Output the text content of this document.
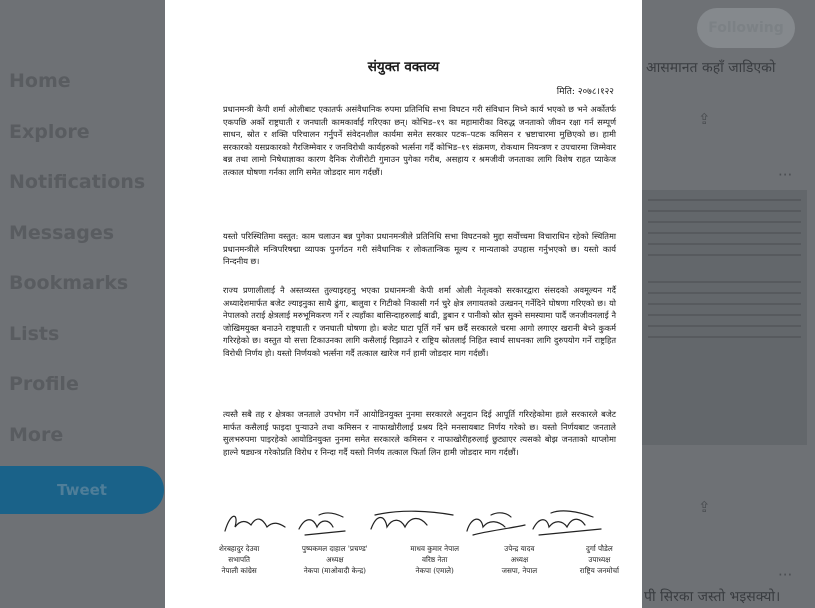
Home
Explore
Notifications
Messages
Bookmarks
Lists
Profile
More
Tweet
Following
आसमानत कहाँ जाडिएको
⇪
···
⇪
···
पी सिरका जस्तो भइसक्यो।
संयुक्त वक्तव्य
मिति: २०७८।१२२
प्रधानमन्त्री केपी शर्मा ओलीबाट एकातर्फ असंवैधानिक रुपमा प्रतिनिधि सभा विघटन गरी संविधान मिच्ने कार्य भएको छ भने अर्कोतर्फ एकपछि अर्को राष्ट्रघाती र जनघाती कामकार्वाई गरिएका छन्। कोभिड–१९ का महामारीका विरुद्ध जनताको जीवन रक्षा गर्न सम्पूर्ण साधन, स्रोत र शक्ति परिचालन गर्नुपर्ने संवेदनशील कार्यमा समेत सरकार पटक–पटक कमिसन र भ्रष्टाचारमा मुछिएको छ। हामी सरकारको यसप्रकारको गैरजिम्मेवार र जनविरोधी कार्यहरुको भर्त्सना गर्दै कोभिड–१९ संक्रमण, रोकथाम नियन्त्रण र उपचारमा जिम्मेवार बन्न तथा लामो निषेधाज्ञाका कारण दैनिक रोजीरोटी गुमाउन पुगेका गरीब, असहाय र श्रमजीवी जनताका लागि विशेष राहत प्याकेज तत्काल घोषणा गर्नका लागि समेत जोडदार माग गर्दछौं।
यस्तो परिस्थितिमा वस्तुत: काम चलाउन बन्न पुगेका प्रधानमन्त्रीले प्रतिनिधि सभा विघटनको मुद्दा सर्वोच्चमा विचाराधिन रहेको स्थितिमा प्रधानमन्त्रीले मन्त्रिपरिषद्मा व्यापक पुनर्गठन गरी संवैधानिक र लोकतान्त्रिक मूल्य र मान्यताको उपहास गर्नुभएको छ। यस्तो कार्य निन्दनीय छ।
राज्य प्रणालीलाई नै अस्तव्यस्त तुल्याइरहनु भएका प्रधानमन्त्री केपी शर्मा ओली नेतृत्वको सरकारद्वारा संसदको अवमूल्यन गर्दै अध्यादेशमार्फत बजेट ल्याइनुका साथै ढुंगा, बालुवा र गिटीको निकासी गर्न चुरे क्षेत्र लगायतको उत्खनन् गर्नेदिने घोषणा गरिएको छ। यो नेपालको तराई क्षेत्रलाई मरुभूमिकरण गर्ने र त्यहाँका बासिन्दाहरुलाई बाढी, डुबान र पानीको स्रोत सुक्ने समस्यामा पार्दै जनजीवनलाई नै जोखिमयुक्त बनाउने राष्ट्रघाती र जनघाती घोषणा हो। बजेट घाटा पूर्ति गर्ने भ्रम छर्दै सरकारले चरमा आगो लगाएर खरानी बेच्ने कुकर्म गरिरहेको छ। वस्तुत यो सत्ता टिकाउनका लागि कसैलाई रिझाउने र राष्ट्रिय स्रोतलाई निहित स्वार्थ साधनका लागि दुरुपयोग गर्ने राष्ट्रहित विरोधी निर्णय हो। यस्तो निर्णयको भर्त्सना गर्दै तत्काल खारेज गर्न हामी जोडदार माग गर्दछौं।
त्यस्तै सबै तह र क्षेत्रका जनताले उपभोग गर्ने आयोडिनयुक्त नुनमा सरकारले अनुदान दिई आपूर्ति गरिरहेकोमा हाले सरकारले बजेट मार्फत कसैलाई फाइदा पुऱ्याउने तथा कमिसन र नाफाखोरीलाई प्रश्रय दिने मनसायबाट निर्णय गरेको छ। यस्तो निर्णयबाट जनताले सुलभरुपमा पाइरहेको आयोडिनयुक्त नुनमा समेत सरकारले कमिसन र नाफाखोरीहरुलाई छुट्याएर त्यसको बोझ जनताको थाप्लोमा हाल्ने षड्यन्त्र गरेकोप्रति विरोध र निन्दा गर्दै यस्तो निर्णय तत्काल फिर्ता लिन हामी जोडदार माग गर्दछौं।
शेरबहादुर देउवा
सभापति
नेपाली कांग्रेस
पुष्पकमल दाहाल 'प्रचण्ड'
अध्यक्ष
नेकपा (माओवादी केन्द्र)
माधव कुमार नेपाल
वरिष्ठ नेता
नेकपा (एमाले)
उपेन्द्र यादव
अध्यक्ष
जसपा, नेपाल
दुर्गा पौडेल
उपाध्यक्ष
राष्ट्रिय जनमोर्चा
